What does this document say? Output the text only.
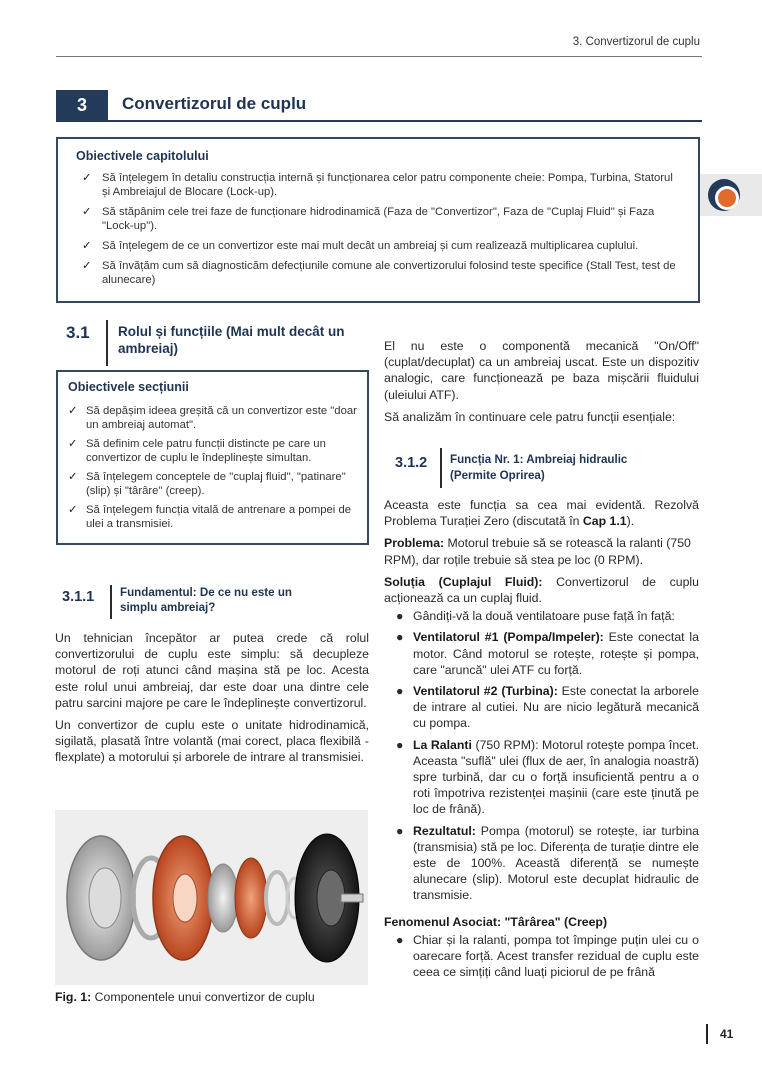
3. Convertizorul de cuplu
3	Convertizorul de cuplu
Obiectivele capitolului
✓ Să înțelegem în detaliu construcția internă și funcționarea celor patru componente cheie: Pompa, Turbina, Statorul și Ambreiajul de Blocare (Lock-up).
✓ Să stăpânim cele trei faze de funcționare hidrodinamică (Faza de "Convertizor", Faza de "Cuplaj Fluid" și Faza "Lock-up").
✓ Să înțelegem de ce un convertizor este mai mult decât un ambreiaj și cum realizează multiplicarea cuplului.
✓ Să învățăm cum să diagnosticăm defecțiunile comune ale convertizorului folosind teste specifice (Stall Test, test de alunecare)
3.1 Rolul și funcțiile (Mai mult decât un ambreiaj)
Obiectivele secțiunii
✓ Să depășim ideea greșită că un convertizor este "doar un ambreiaj automat".
✓ Să definim cele patru funcții distincte pe care un convertizor de cuplu le îndeplinește simultan.
✓ Să înțelegem conceptele de "cuplaj fluid", "patinare" (slip) și "târâre" (creep).
✓ Să înțelegem funcția vitală de antrenare a pompei de ulei a transmisiei.
3.1.1 Fundamentul: De ce nu este un simplu ambreiaj?

Un tehnician începător ar putea crede că rolul convertizorului de cuplu este simplu: să decupleze motorul de roți atunci când mașina stă pe loc. Acesta este rolul unui ambreiaj, dar este doar una dintre cele patru sarcini majore pe care le îndeplinește convertizorul.

Un convertizor de cuplu este o unitate hidrodinamică, sigilată, plasată între volantă (mai corect, placa flexibilă - flexplate) a motorului și arborele de intrare al transmisiei.

Fig. 1: Componentele unui convertizor de cuplu

El nu este o componentă mecanică "On/Off" (cuplat/decuplat) ca un ambreiaj uscat. Este un dispozitiv analogic, care funcționează pe baza mișcării fluidului (uleiului ATF).

Să analizăm în continuare cele patru funcții esențiale:

3.1.2 Funcția Nr. 1: Ambreiaj hidraulic (Permite Oprirea)

Aceasta este funcția sa cea mai evidentă. Rezolvă Problema Turației Zero (discutată în Cap 1.1).

Problema: Motorul trebuie să se rotească la ralanti (750 RPM), dar roțile trebuie să stea pe loc (0 RPM).

Soluția (Cuplajul Fluid): Convertizorul de cuplu acționează ca un cuplaj fluid.

● Gândiți-vă la două ventilatoare puse față în față:
● Ventilatorul #1 (Pompa/Impeler): Este conectat la motor. Când motorul se rotește, rotește și pompa, care "aruncă" ulei ATF cu forță.
● Ventilatorul #2 (Turbina): Este conectat la arborele de intrare al cutiei. Nu are nicio legătură mecanică cu pompa.
● La Ralanti (750 RPM): Motorul rotește pompa încet. Aceasta "suflă" ulei (flux de aer, în analogia noastră) spre turbină, dar cu o forță insuficientă pentru a o roti împotriva rezistenței mașinii (care este ținută pe loc de frână).
● Rezultatul: Pompa (motorul) se rotește, iar turbina (transmisia) stă pe loc. Diferența de turație dintre ele este de 100%. Această diferență se numește alunecare (slip). Motorul este decuplat hidraulic de transmisie.
Fenomenul Asociat: "Târârea" (Creep)
● Chiar și la ralanti, pompa tot împinge puțin ulei cu o oarecare forță. Acest transfer rezidual de cuplu este ceea ce simțiți când luați piciorul de pe frână
41
